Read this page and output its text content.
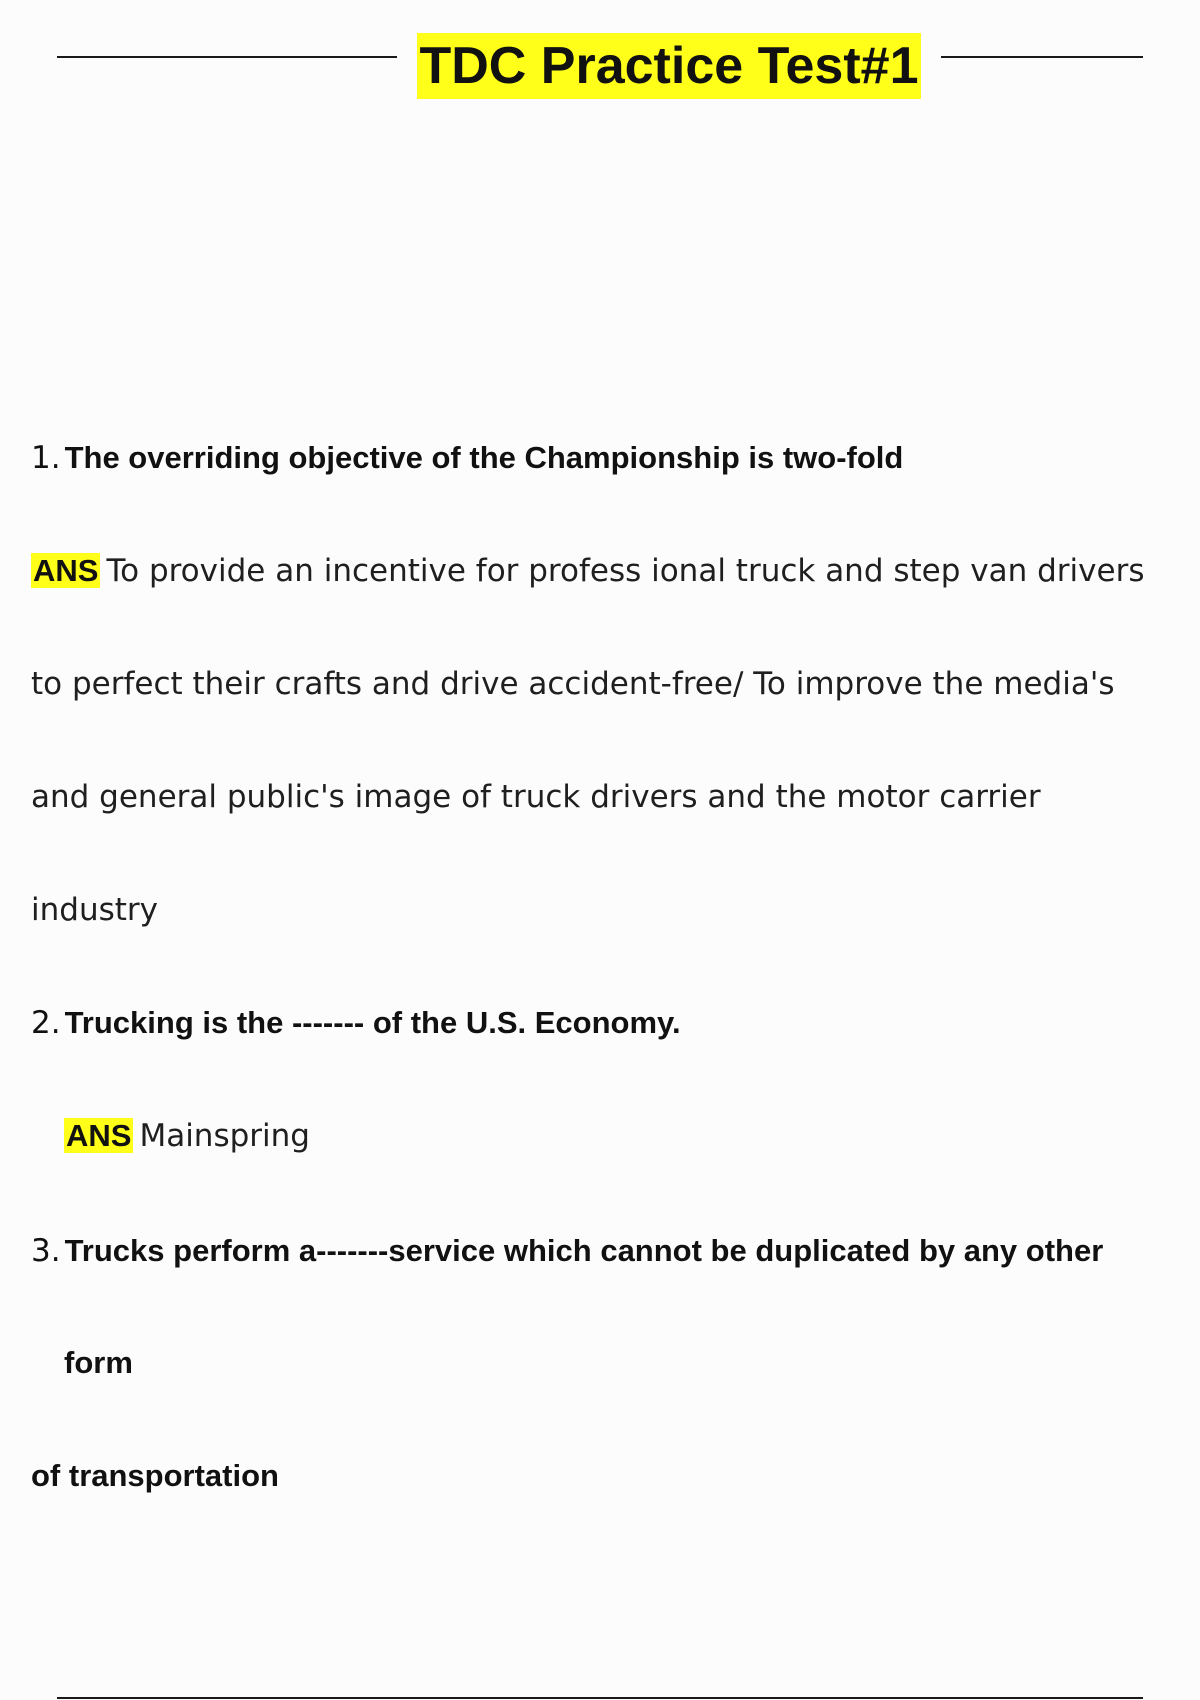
TDC Practice Test#1
1. The overriding objective of the Championship is two-fold
ANS To provide an incentive for profess ional truck and step van drivers
to perfect their crafts and drive accident-free/ To improve the media's
and general public's image of truck drivers and the motor carrier
industry
2. Trucking is the ------- of the U.S. Economy.
ANS Mainspring
3. Trucks perform a-------service which cannot be duplicated by any other
form
of transportation
